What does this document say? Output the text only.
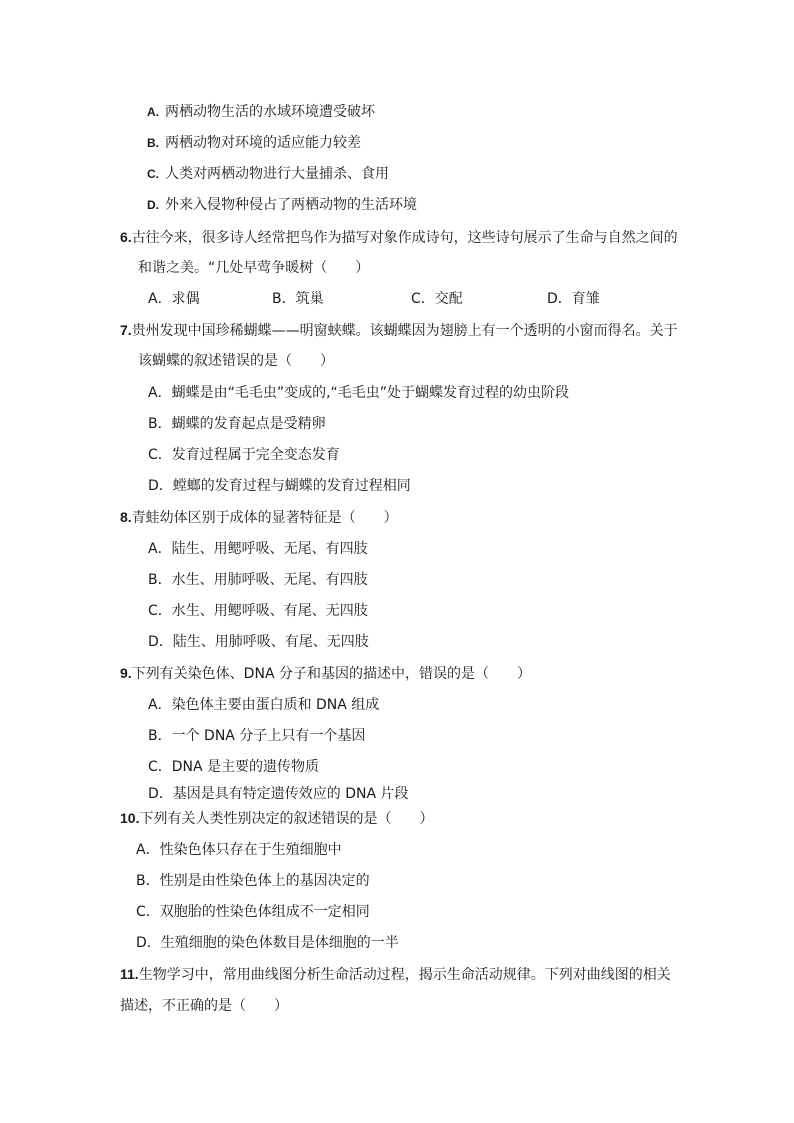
A. 两栖动物生活的水域环境遭受破坏
B. 两栖动物对环境的适应能力较差
C. 人类对两栖动物进行大量捕杀、食用
D. 外来入侵物种侵占了两栖动物的生活环境
6.古往今来，很多诗人经常把鸟作为描写对象作成诗句，这些诗句展示了生命与自然之间的
和谐之美。“几处早莺争暖树（　　）
A．求偶	B．筑巢	C．交配	D．育雏
7.贵州发现中国珍稀蝴蝶——明窗蛱蝶。该蝴蝶因为翅膀上有一个透明的小窗而得名。关于
该蝴蝶的叙述错误的是（　　）
A．蝴蝶是由“毛毛虫”变成的,“毛毛虫”处于蝴蝶发育过程的幼虫阶段
B．蝴蝶的发育起点是受精卵
C．发育过程属于完全变态发育
D．螳螂的发育过程与蝴蝶的发育过程相同
8.青蛙幼体区别于成体的显著特征是（　　）
A．陆生、用鳃呼吸、无尾、有四肢
B．水生、用肺呼吸、无尾、有四肢
C．水生、用鳃呼吸、有尾、无四肢
D．陆生、用肺呼吸、有尾、无四肢
9.下列有关染色体、DNA 分子和基因的描述中，错误的是（　　）
A．染色体主要由蛋白质和 DNA 组成
B．一个 DNA 分子上只有一个基因
C．DNA 是主要的遗传物质
D．基因是具有特定遗传效应的 DNA 片段
10.下列有关人类性别决定的叙述错误的是（　　）
A．性染色体只存在于生殖细胞中
B．性别是由性染色体上的基因决定的
C．双胞胎的性染色体组成不一定相同
D．生殖细胞的染色体数目是体细胞的一半
11.生物学习中，常用曲线图分析生命活动过程，揭示生命活动规律。下列对曲线图的相关
描述，不正确的是（　　）
